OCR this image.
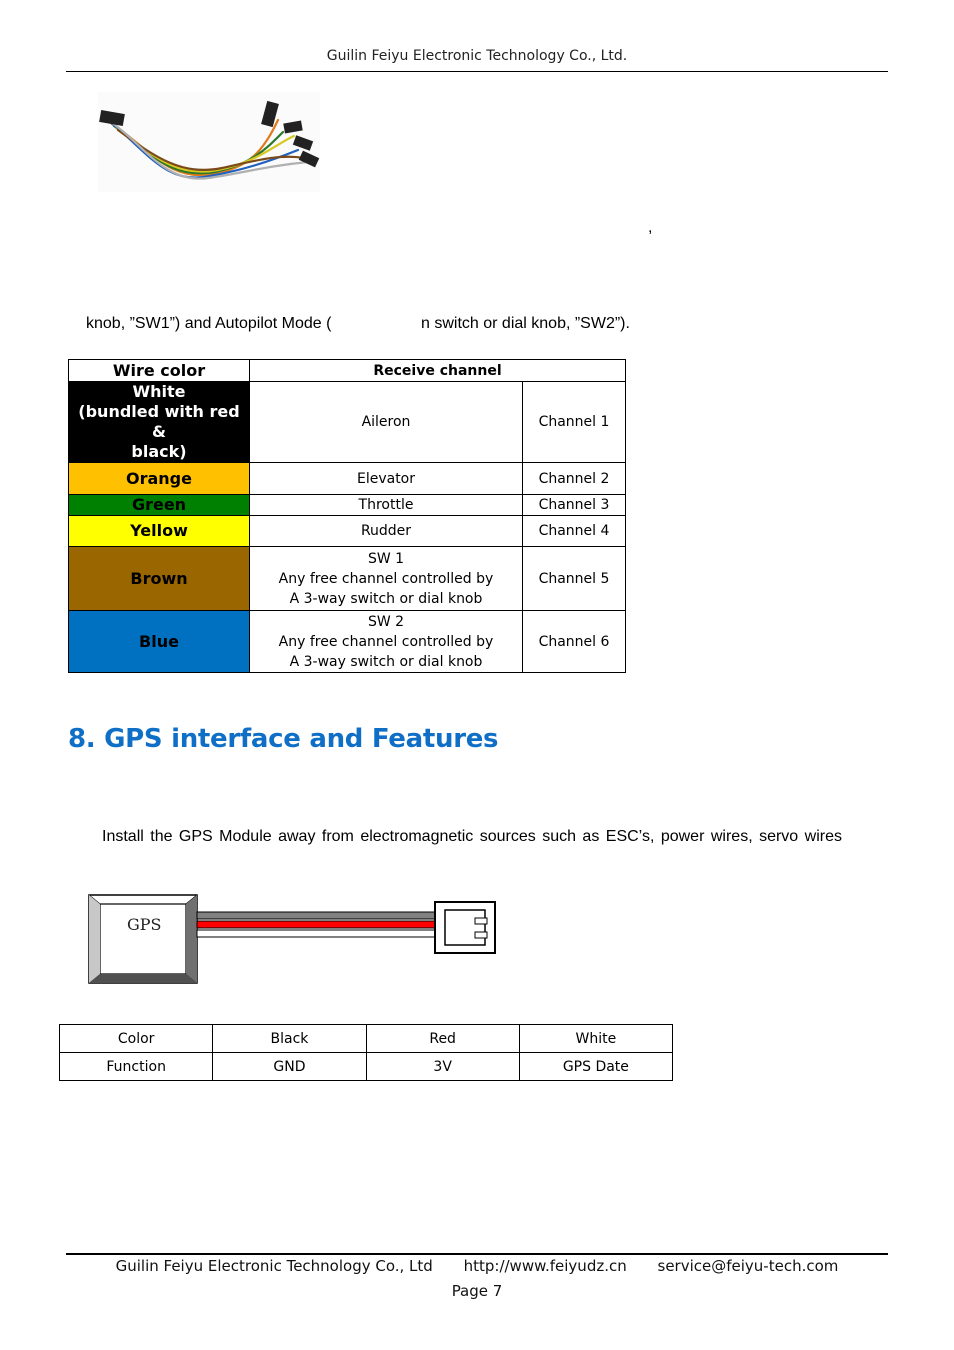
Guilin Feiyu Electronic Technology Co., Ltd.
,
knob, ”SW1”) and Autopilot Mode (	n switch or dial knob, ”SW2”).
Wire color	Receive channel	
White
(bundled with red &
black)	Aileron	Channel 1
Orange	Elevator	Channel 2
Green	Throttle	Channel 3
Yellow	Rudder	Channel 4
Brown	SW 1
Any free channel controlled by
A 3-way switch or dial knob	Channel 5
Blue	SW 2
Any free channel controlled by
A 3-way switch or dial knob	Channel 6
8. GPS interface and Features
Install the GPS Module away from electromagnetic sources such as ESC’s, power wires, servo wires
GPS
Color	Black	Red	White
Function	GND	3V	GPS Date
Guilin Feiyu Electronic Technology Co., Ltd http://www.feiyudz.cn service@feiyu-tech.com
Page 7
